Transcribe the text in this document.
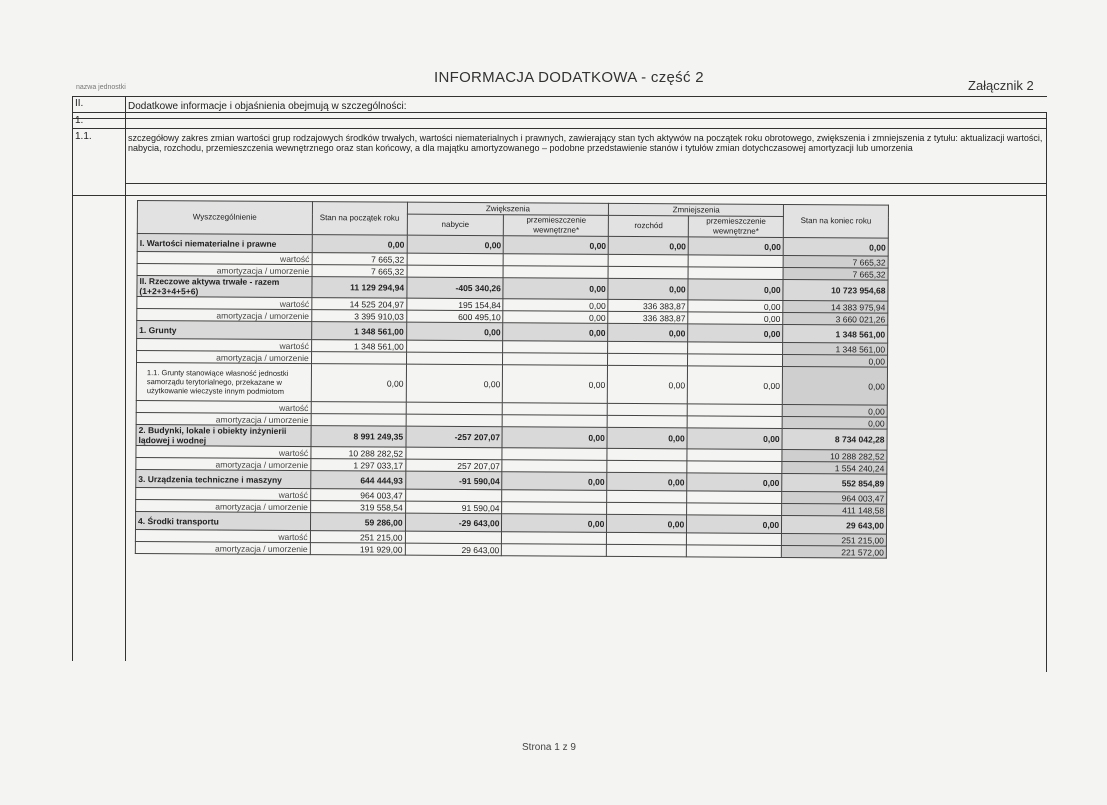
nazwa jednostki
INFORMACJA DODATKOWA - część 2	Załącznik 2
II.	Dodatkowe informacje i objaśnienia obejmują w szczególności:
1.
1.1.	szczegółowy zakres zmian wartości grup rodzajowych środków trwałych, wartości niematerialnych i prawnych, zawierający stan tych aktywów na początek roku obrotowego, zwiększenia i zmniejszenia z tytułu: aktualizacji wartości, nabycia, rozchodu, przemieszczenia wewnętrznego oraz stan końcowy, a dla majątku amortyzowanego – podobne przedstawienie stanów i tytułów zmian dotychczasowej amortyzacji lub umorzenia
Wyszczególnienie	Stan na początek roku	Zwiększenia		Zmniejszenia		Stan na koniec roku
		nabycie	przemieszczenie wewnętrzne*	rozchód	przemieszczenie wewnętrzne*	
I. Wartości niematerialne i prawne	0,00	0,00	0,00	0,00	0,00	0,00
wartość	7 665,32					7 665,32
amortyzacja / umorzenie	7 665,32					7 665,32
II. Rzeczowe aktywa trwałe - razem (1+2+3+4+5+6)	11 129 294,94	-405 340,26	0,00	0,00	0,00	10 723 954,68
wartość	14 525 204,97	195 154,84	0,00	336 383,87	0,00	14 383 975,94
amortyzacja / umorzenie	3 395 910,03	600 495,10	0,00	336 383,87	0,00	3 660 021,26
1. Grunty	1 348 561,00	0,00	0,00	0,00	0,00	1 348 561,00
wartość	1 348 561,00					1 348 561,00
amortyzacja / umorzenie						0,00
1.1. Grunty stanowiące własność jednostki samorządu terytorialnego, przekazane w użytkowanie wieczyste innym podmiotom	0,00	0,00	0,00	0,00	0,00	0,00
wartość						0,00
amortyzacja / umorzenie						0,00
2. Budynki, lokale i obiekty inżynierii lądowej i wodnej	8 991 249,35	-257 207,07	0,00	0,00	0,00	8 734 042,28
wartość	10 288 282,52					10 288 282,52
amortyzacja / umorzenie	1 297 033,17	257 207,07				1 554 240,24
3. Urządzenia techniczne i maszyny	644 444,93	-91 590,04	0,00	0,00	0,00	552 854,89
wartość	964 003,47					964 003,47
amortyzacja / umorzenie	319 558,54	91 590,04				411 148,58
4. Środki transportu	59 286,00	-29 643,00	0,00	0,00	0,00	29 643,00
wartość	251 215,00					251 215,00
amortyzacja / umorzenie	191 929,00	29 643,00				221 572,00
Strona 1 z 9
